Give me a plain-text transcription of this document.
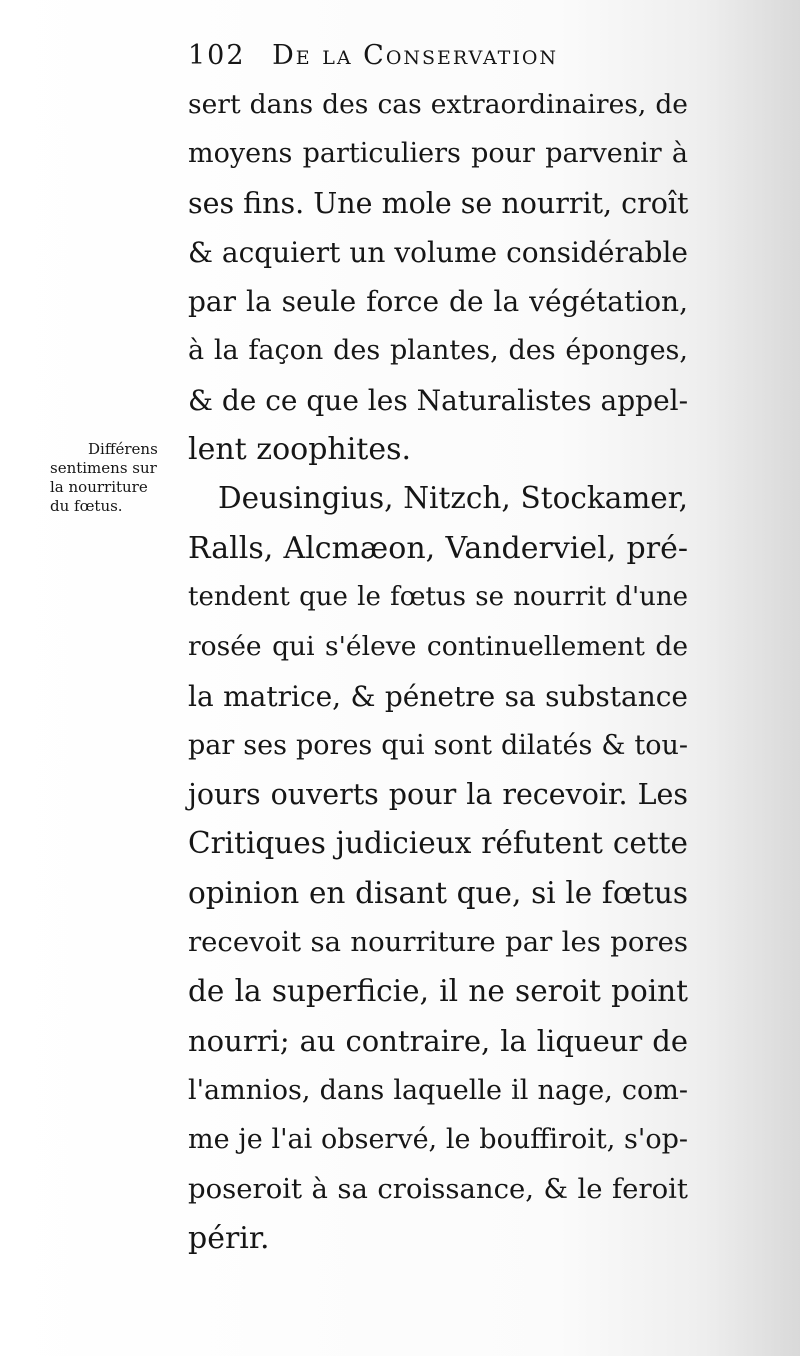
102 De la Conservation
Différens
sentimens sur
la nourriture
du fœtus.
sert dans des cas extraordinaires, de
moyens particuliers pour parvenir à
ses fins. Une mole se nourrit, croît
& acquiert un volume considérable
par la seule force de la végétation,
à la façon des plantes, des éponges,
& de ce que les Naturalistes appel-
lent zoophites.
Deusingius, Nitzch, Stockamer,
Ralls, Alcmæon, Vanderviel, pré-
tendent que le fœtus se nourrit d'une
rosée qui s'éleve continuellement de
la matrice, & pénetre sa substance
par ses pores qui sont dilatés & tou-
jours ouverts pour la recevoir. Les
Critiques judicieux réfutent cette
opinion en disant que, si le fœtus
recevoit sa nourriture par les pores
de la superficie, il ne seroit point
nourri; au contraire, la liqueur de
l'amnios, dans laquelle il nage, com-
me je l'ai observé, le bouffiroit, s'op-
poseroit à sa croissance, & le feroit
périr.
